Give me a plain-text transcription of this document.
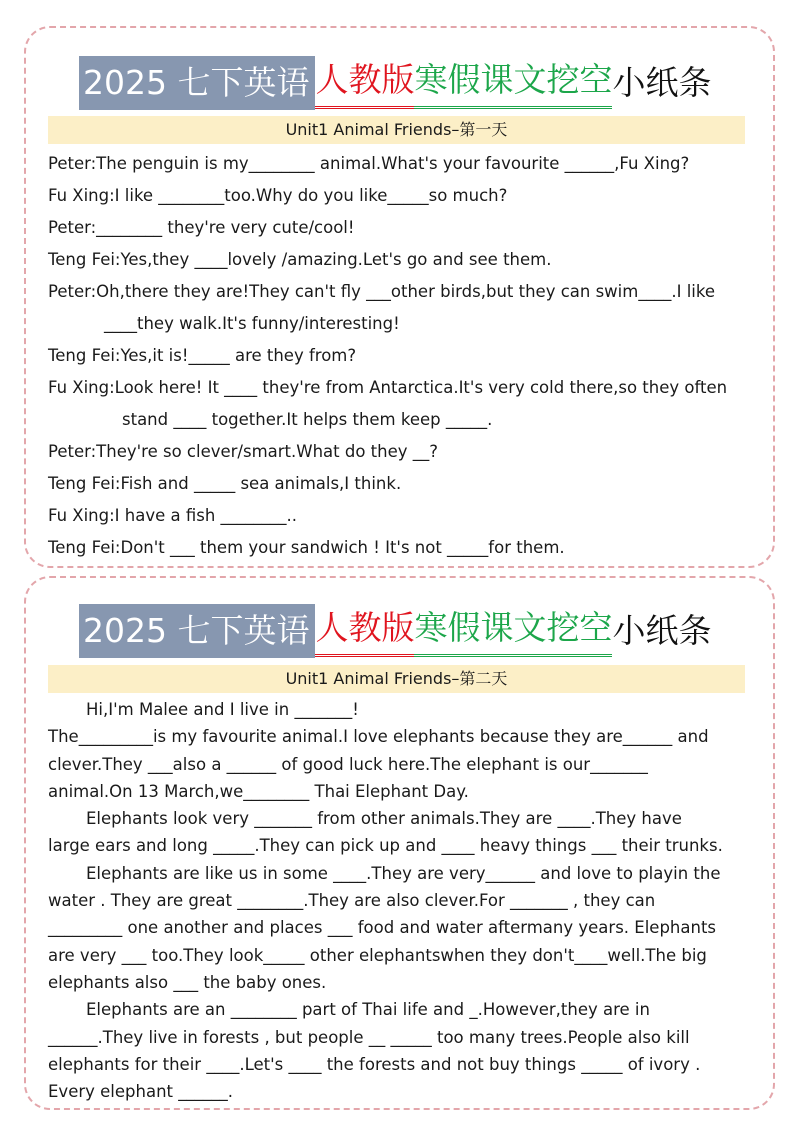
2025 七下英语 人教版 寒假课文挖空 小纸条
Unit1 Animal Friends–第一天
Peter:The penguin is my________ animal.What's your favourite ______,Fu Xing?
Fu Xing:I like ________too.Why do you like_____so much?
Peter:________ they're very cute/cool!
Teng Fei:Yes,they ____lovely /amazing.Let's go and see them.
Peter:Oh,there they are!They can't fly ___other birds,but they can swim____.I like
____they walk.It's funny/interesting!
Teng Fei:Yes,it is!_____ are they from?
Fu Xing:Look here! It ____ they're from Antarctica.It's very cold there,so they often
stand ____ together.It helps them keep _____.
Peter:They're so clever/smart.What do they __?
Teng Fei:Fish and _____ sea animals,I think.
Fu Xing:I have a fish ________..
Teng Fei:Don't ___ them your sandwich ! It's not _____for them.
2025 七下英语 人教版 寒假课文挖空 小纸条
Unit1 Animal Friends–第二天
Hi,I'm Malee and I live in _______!
The_________is my favourite animal.I love elephants because they are______ and
clever.They ___also a ______ of good luck here.The elephant is our_______
animal.On 13 March,we________ Thai Elephant Day.
Elephants look very _______ from other animals.They are ____.They have
large ears and long _____.They can pick up and ____ heavy things ___ their trunks.
Elephants are like us in some ____.They are very______ and love to playin the
water . They are great ________.They are also clever.For _______ , they can
_________ one another and places ___ food and water aftermany years. Elephants
are very ___ too.They look_____ other elephantswhen they don't____well.The big
elephants also ___ the baby ones.
Elephants are an ________ part of Thai life and _.However,they are in
______.They live in forests , but people __ _____ too many trees.People also kill
elephants for their ____.Let's ____ the forests and not buy things _____ of ivory .
Every elephant ______.
